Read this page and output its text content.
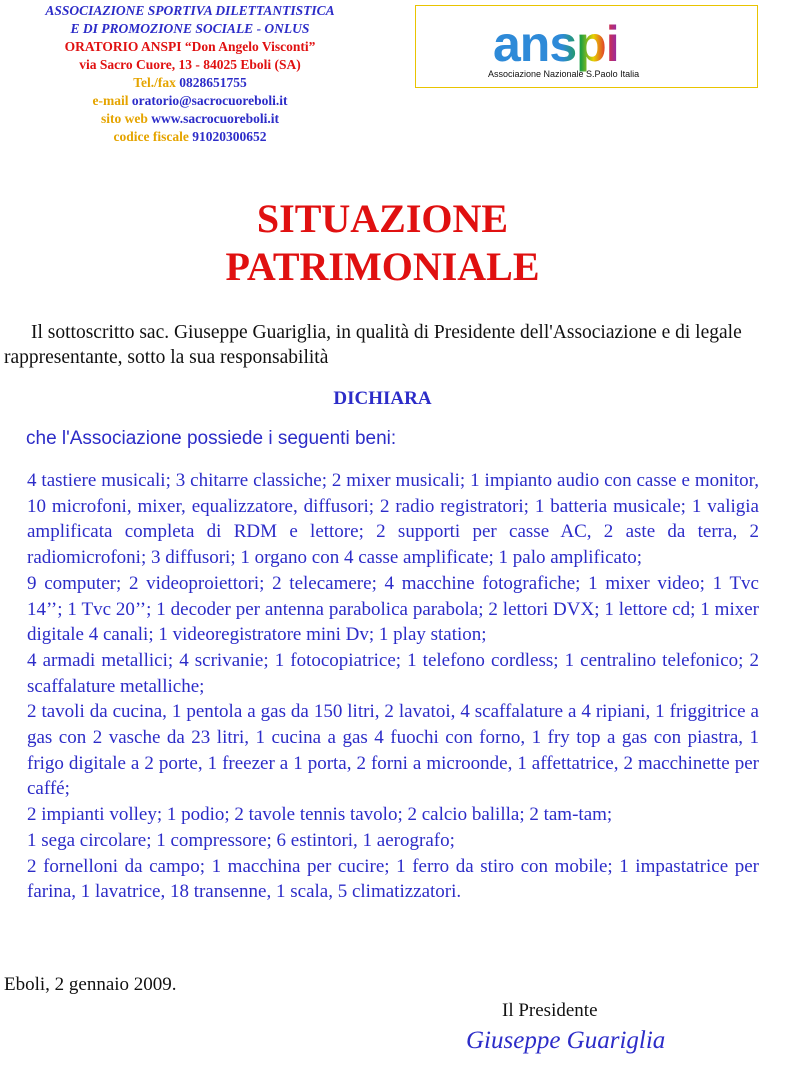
ASSOCIAZIONE SPORTIVA DILETTANTISTICA
E DI PROMOZIONE SOCIALE - ONLUS
ORATORIO ANSPI “Don Angelo Visconti”
via Sacro Cuore, 13 - 84025 Eboli (SA)
Tel./fax 0828651755
e-mail oratorio@sacrocuoreboli.it
sito web www.sacrocuoreboli.it
codice fiscale 91020300652
anspi
Associazione Nazionale S.Paolo Italia
SITUAZIONE
PATRIMONIALE
Il sottoscritto sac. Giuseppe Guariglia, in qualità di Presidente dell'Associazione e di legale rappresentante, sotto la sua responsabilità
DICHIARA
che l'Associazione possiede i seguenti beni:

4 tastiere musicali; 3 chitarre classiche; 2 mixer musicali; 1 impianto audio con casse e monitor, 10 microfoni, mixer, equalizzatore, diffusori; 2 radio registratori; 1 batteria musicale; 1 valigia amplificata completa di RDM e lettore; 2 supporti per casse AC, 2 aste da terra, 2 radiomicrofoni; 3 diffusori; 1 organo con 4 casse amplificate; 1 palo amplificato;

9 computer; 2 videoproiettori; 2 telecamere; 4 macchine fotografiche; 1 mixer video; 1 Tvc 14’’; 1 Tvc 20’’; 1 decoder per antenna parabolica parabola; 2 lettori DVX; 1 lettore cd; 1 mixer digitale 4 canali; 1 videoregistratore mini Dv; 1 play station;

4 armadi metallici; 4 scrivanie; 1 fotocopiatrice; 1 telefono cordless; 1 centralino telefonico; 2 scaffalature metalliche;

2 tavoli da cucina, 1 pentola a gas da 150 litri, 2 lavatoi, 4 scaffalature a 4 ripiani, 1 friggitrice a gas con 2 vasche da 23 litri, 1 cucina a gas 4 fuochi con forno, 1 fry top a gas con piastra, 1 frigo digitale a 2 porte, 1 freezer a 1 porta, 2 forni a microonde, 1 affettatrice, 2 macchinette per caffé;

2 impianti volley; 1 podio; 2 tavole tennis tavolo; 2 calcio balilla; 2 tam-tam;

1 sega circolare; 1 compressore; 6 estintori, 1 aerografo;

2 fornelloni da campo; 1 macchina per cucire; 1 ferro da stiro con mobile; 1 impastatrice per farina, 1 lavatrice, 18 transenne, 1 scala, 5 climatizzatori.

Eboli, 2 gennaio 2009.
Il Presidente
Giuseppe Guariglia
